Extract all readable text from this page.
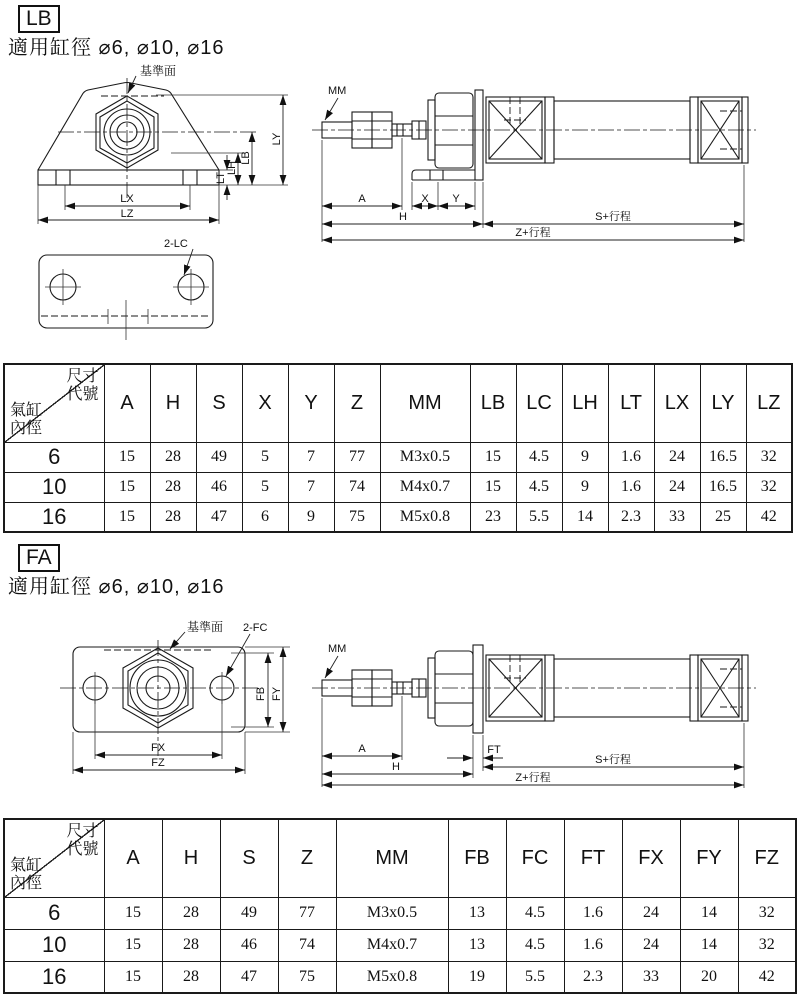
LB
適用缸徑 ⌀6, ⌀10, ⌀16
基準面
LX
LZ
LT
LH
LB
LY
2-LC
MM
A	X Y
H	S+行程
Z+行程
尺寸代號
氣缸內徑	A	H	S	X	Y	Z	MM	LB	LC	LH	LT	LX	LY	LZ
6	15	28	49	5	7	77	M3x0.5	15	4.5	9	1.6	24	16.5	32
10	15	28	46	5	7	74	M4x0.7	15	4.5	9	1.6	24	16.5	32
16	15	28	47	6	9	75	M5x0.8	23	5.5	14	2.3	33	25	42
FA
適用缸徑 ⌀6, ⌀10, ⌀16
基準面 2-FC
FB FY
FX
FZ
MM
A	FT
H
S+行程
Z+行程
尺寸代號
氣缸內徑	A	H	S	Z	MM	FB	FC	FT	FX	FY	FZ
6	15	28	49	77	M3x0.5	13	4.5	1.6	24	14	32
10	15	28	46	74	M4x0.7	13	4.5	1.6	24	14	32
16	15	28	47	75	M5x0.8	19	5.5	2.3	33	20	42
